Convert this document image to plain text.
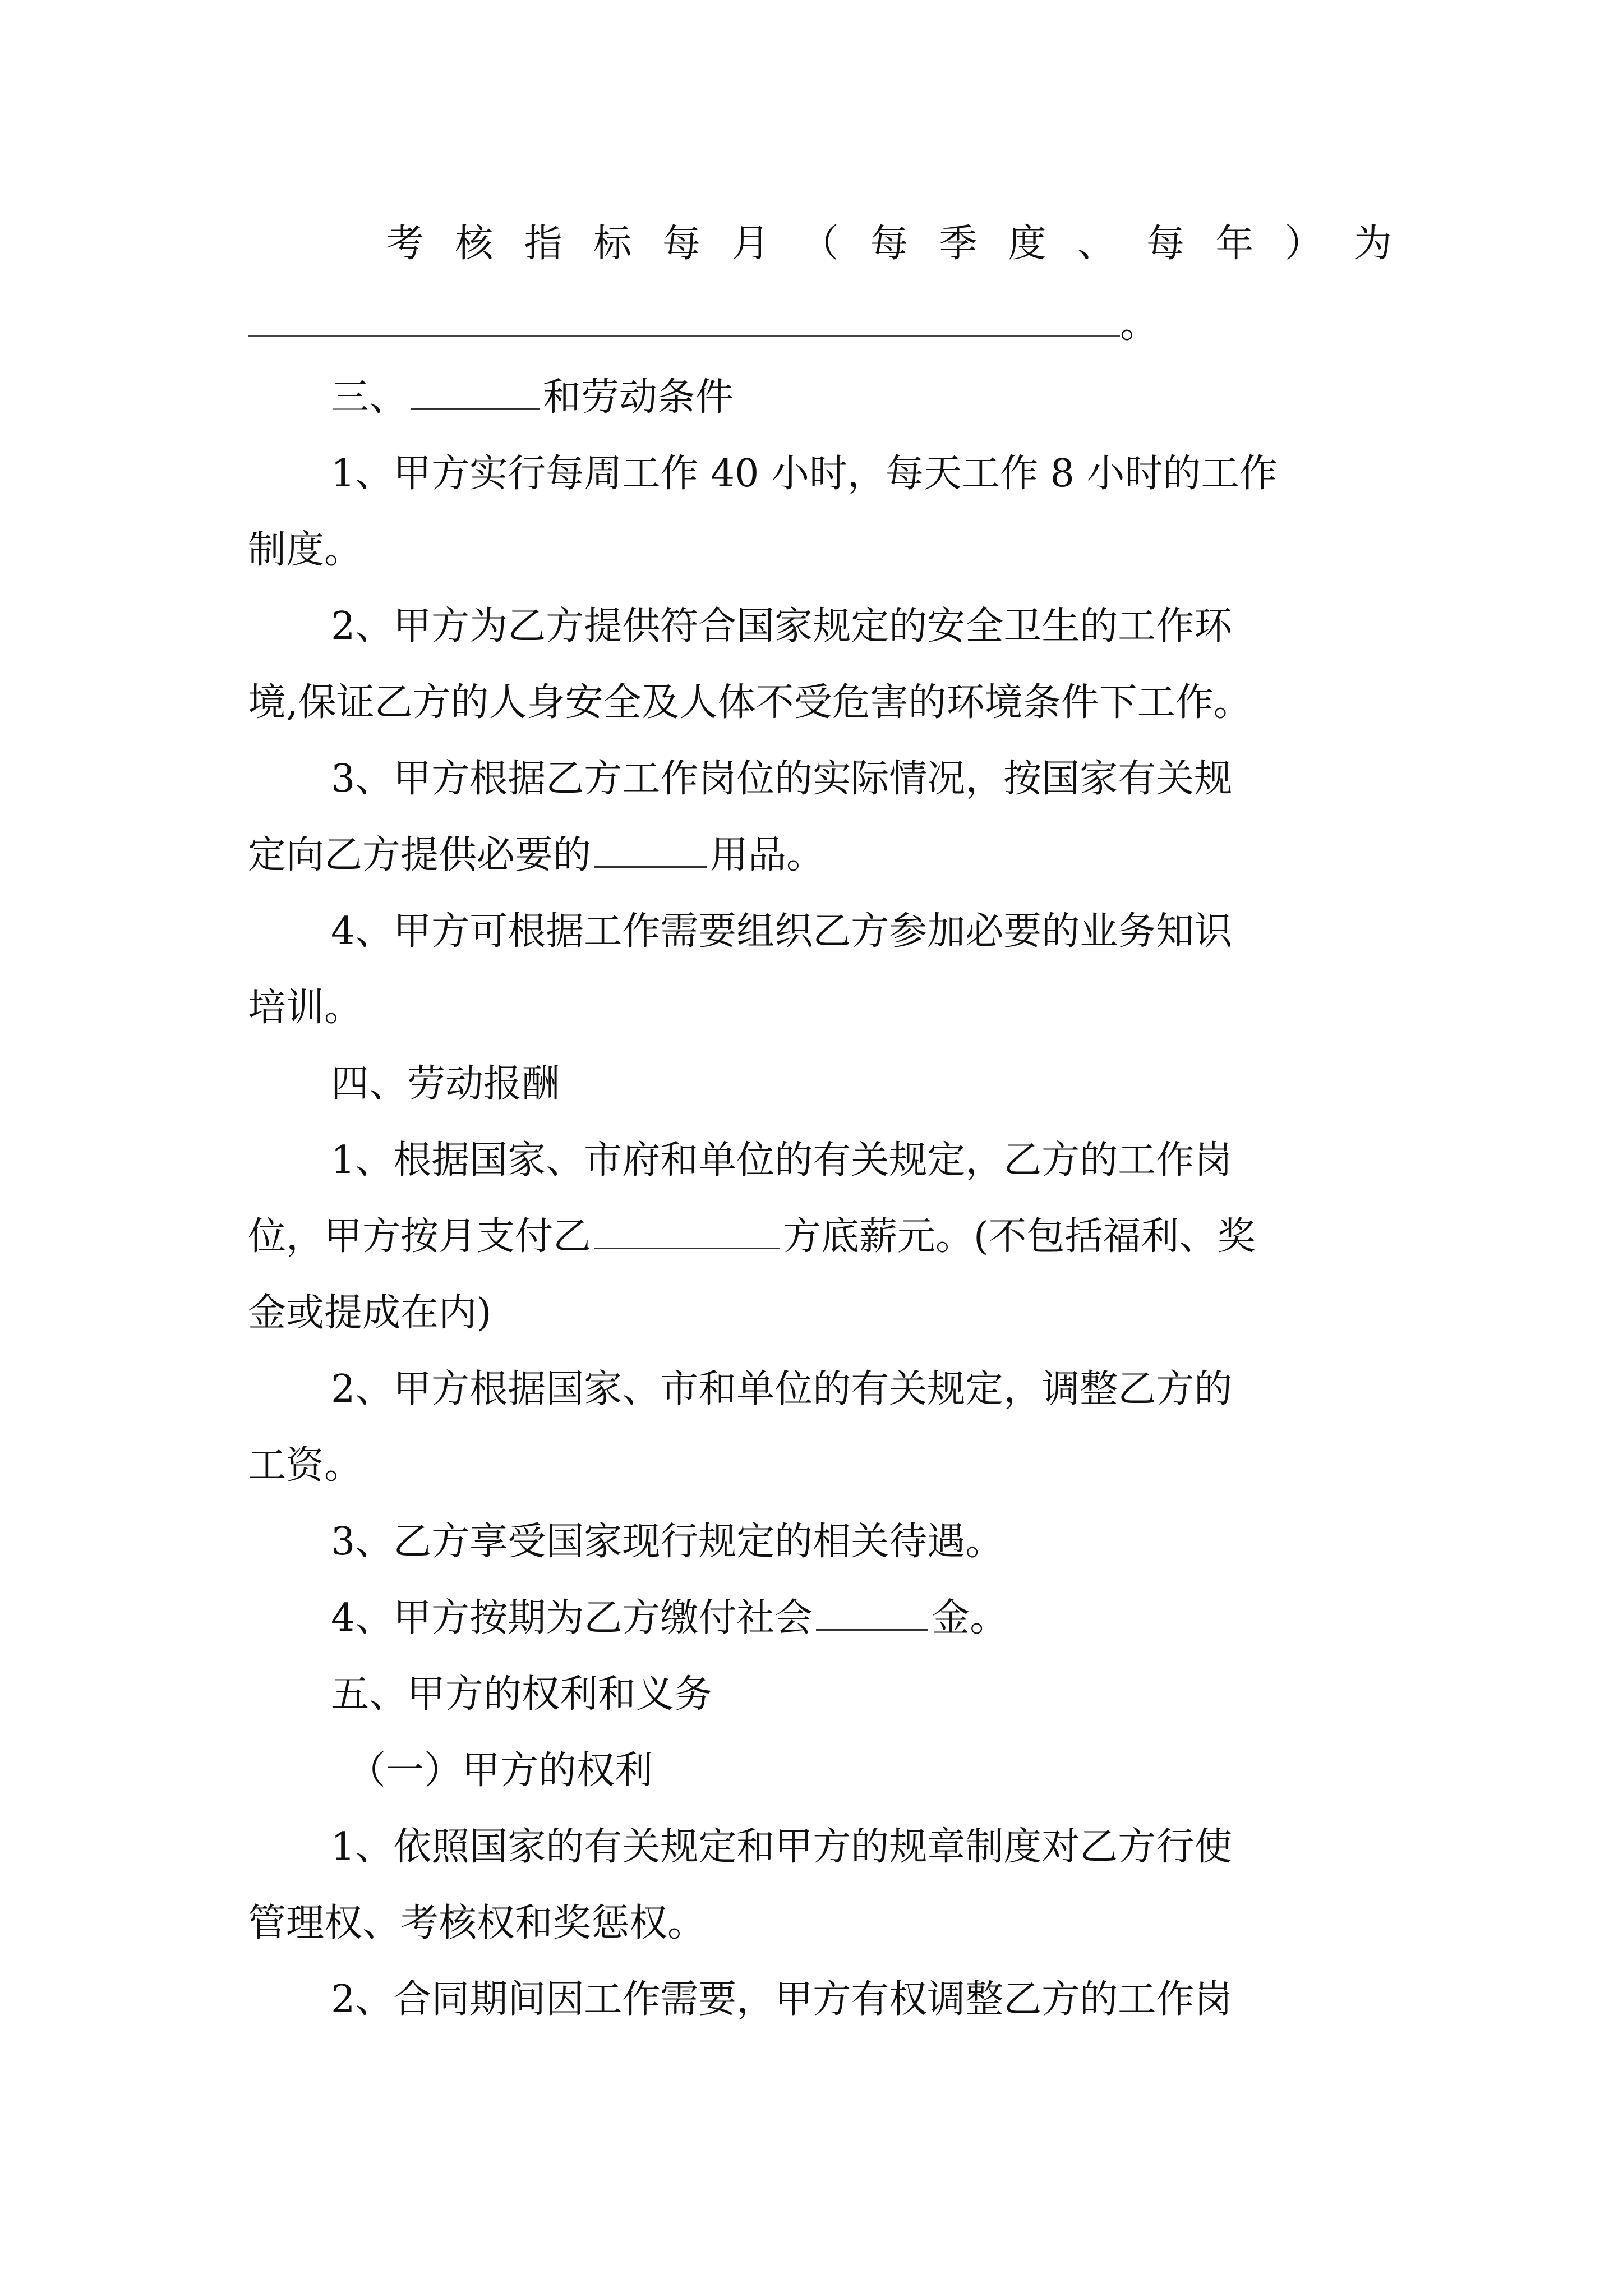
考 核 指 标 每 月 （ 每 季 度 、 每 年 ） 为
。
三、	和劳动条件
1、甲方实行每周工作 40 小时，每天工作 8 小时的工作
制度。
2、甲方为乙方提供符合国家规定的安全卫生的工作环
境,保证乙方的人身安全及人体不受危害的环境条件下工作。
3、甲方根据乙方工作岗位的实际情况，按国家有关规
定向乙方提供必要的	用品。
4、甲方可根据工作需要组织乙方参加必要的业务知识
培训。
四、劳动报酬
1、根据国家、市府和单位的有关规定，乙方的工作岗
位，甲方按月支付乙	方底薪元。(不包括福利、奖
金或提成在内)
2、甲方根据国家、市和单位的有关规定，调整乙方的
工资。
3、乙方享受国家现行规定的相关待遇。
4、甲方按期为乙方缴付社会	金。
五、甲方的权利和义务
（一）甲方的权利
1、依照国家的有关规定和甲方的规章制度对乙方行使
管理权、考核权和奖惩权。
2、合同期间因工作需要，甲方有权调整乙方的工作岗
